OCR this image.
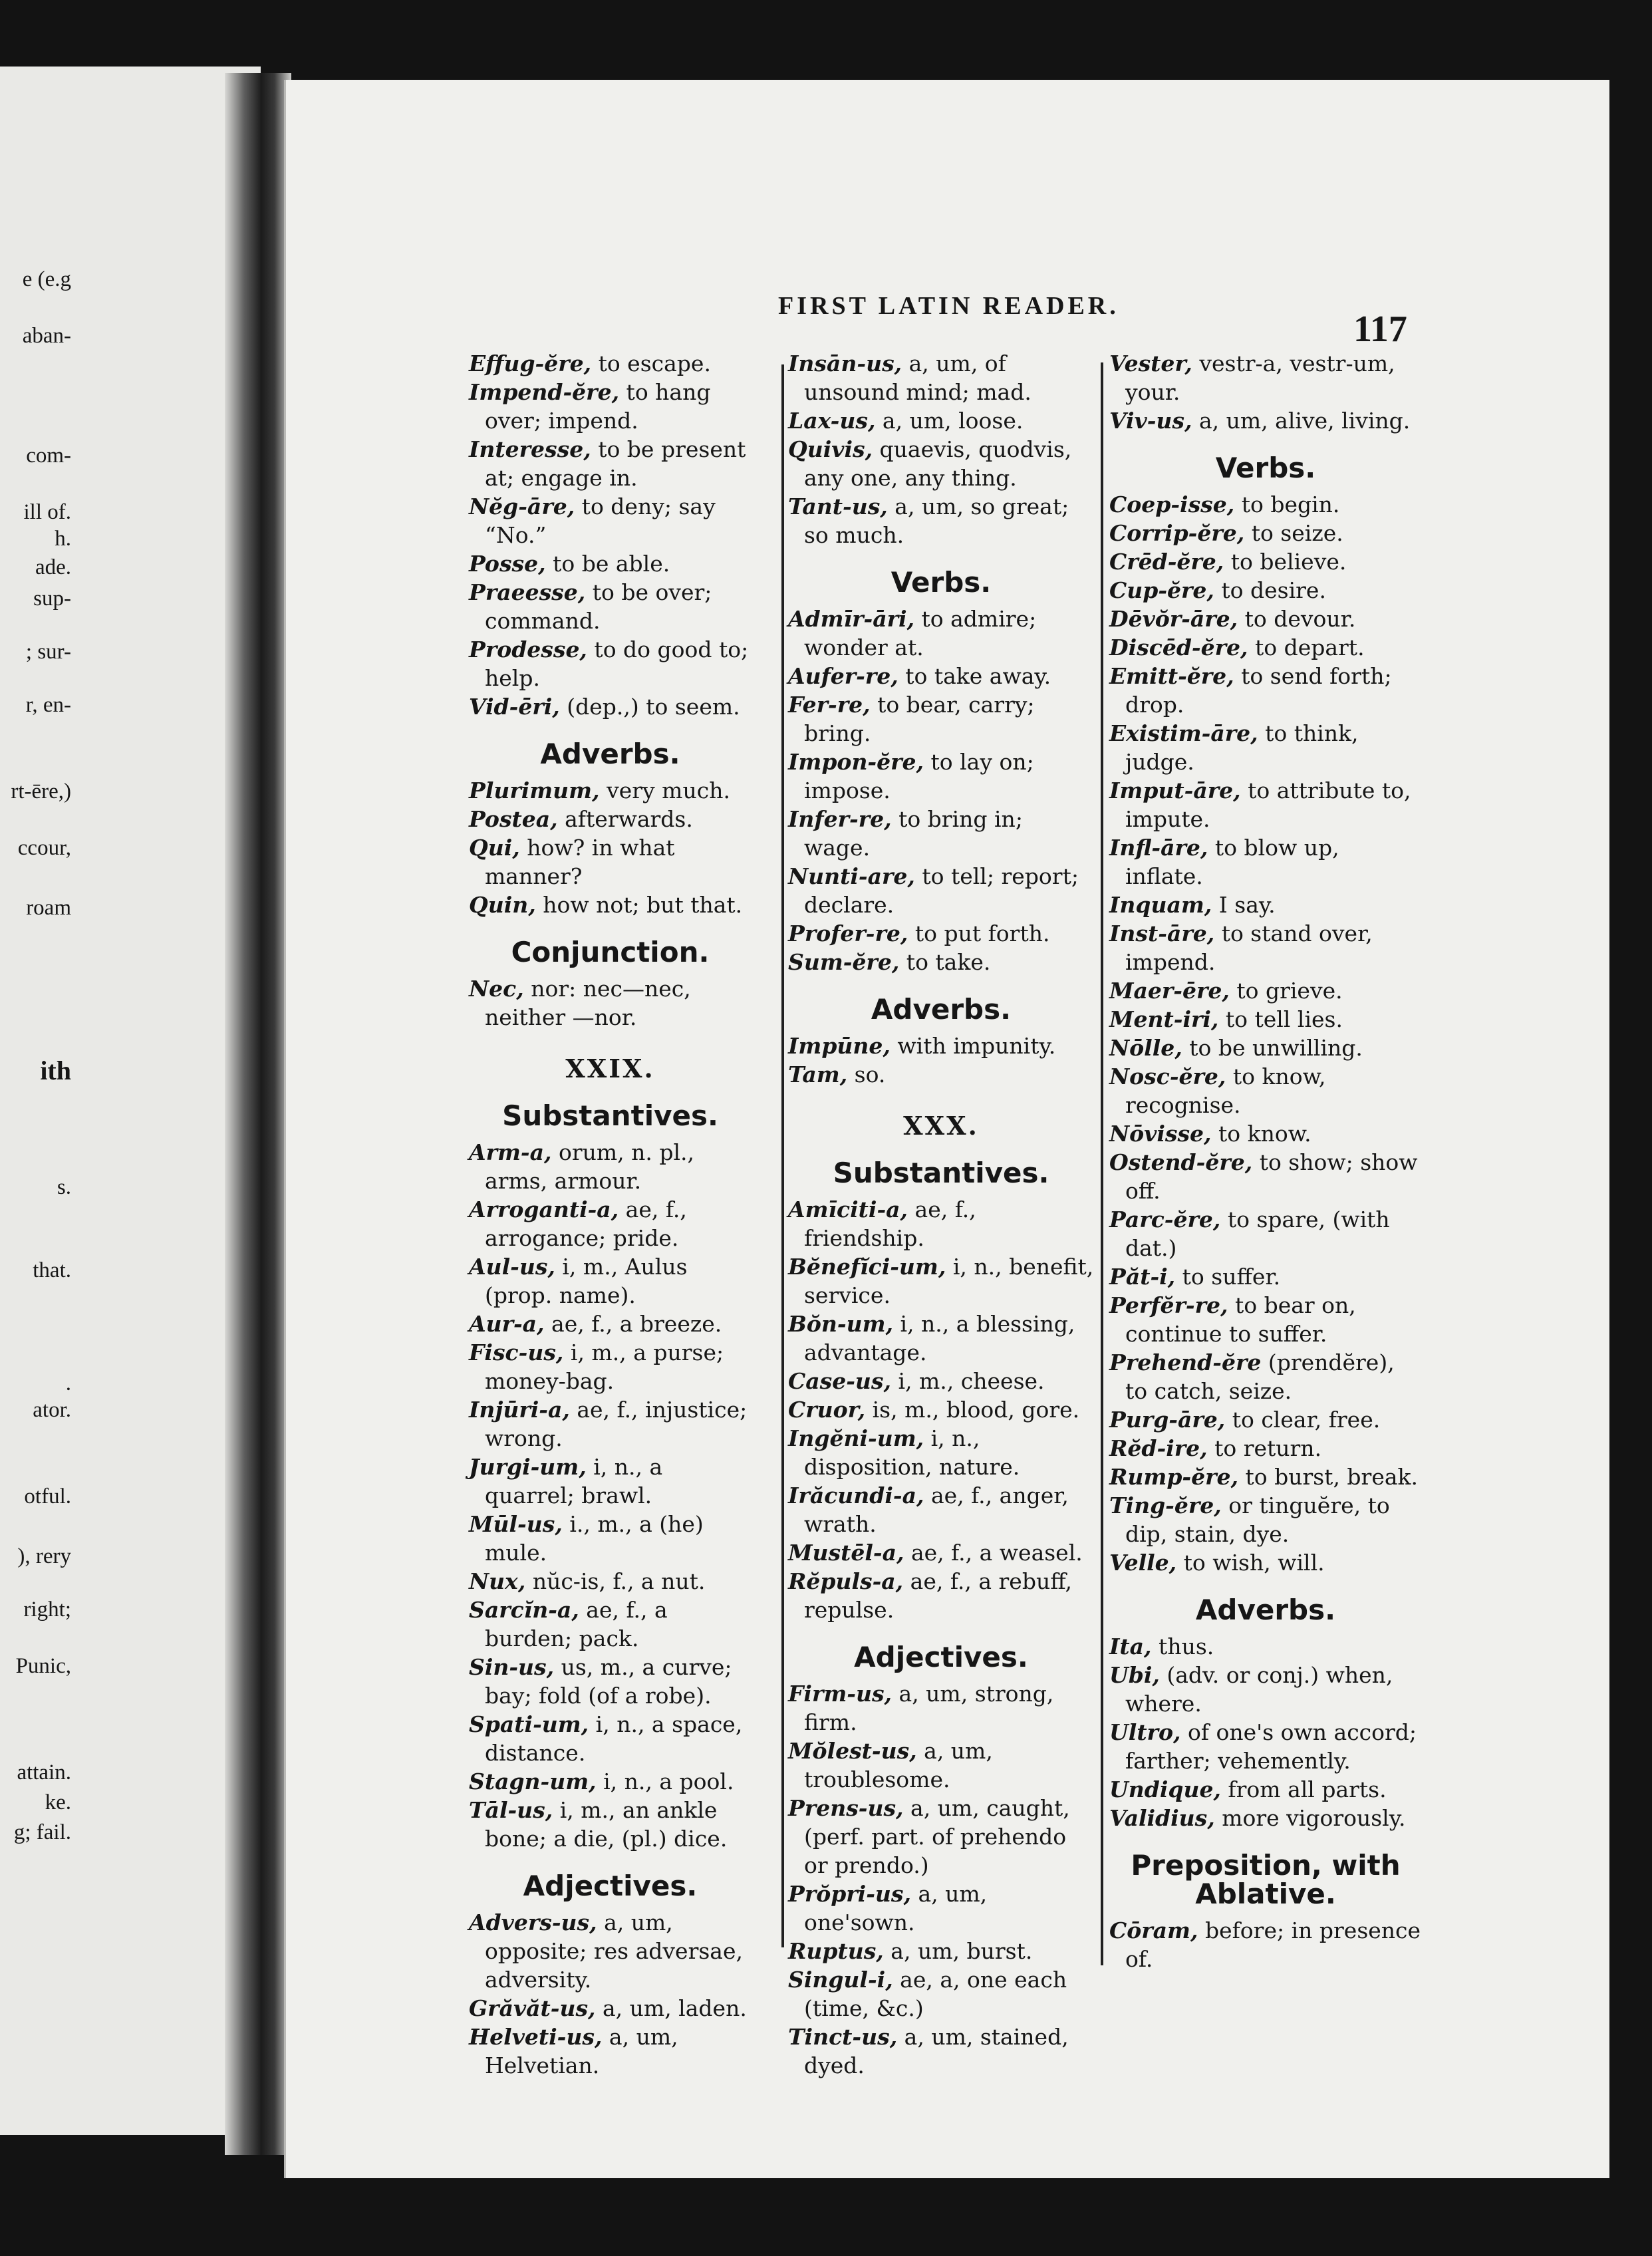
e (e.g
aban-
com-
ill of.
h.
ade.
sup-
; sur-
r, en-
rt-ēre,)
ccour,
roam
ith
s.
that.
.
ator.
otful.
), rery
right;
Punic,
attain.
ke.
g; fail.
FIRST LATIN READER.
117

Effug-ĕre, to escape.

Impend-ĕre, to hang over; impend.

Interesse, to be present at; engage in.

Nĕg-āre, to deny; say “No.”

Posse, to be able.

Praeesse, to be over; command.

Prodesse, to do good to; help.

Vid-ēri, (dep.,) to seem.

Adverbs.

Plurimum, very much.

Postea, afterwards.

Qui, how? in what manner?

Quin, how not; but that.

Conjunction.

Nec, nor: nec—nec, neither —nor.

XXIX.
Substantives.

Arm-a, orum, n. pl., arms, armour.

Arroganti-a, ae, f., arrogance; pride.

Aul-us, i, m., Aulus (prop. name).

Aur-a, ae, f., a breeze.

Fisc-us, i, m., a purse; money-bag.

Injūri-a, ae, f., injustice; wrong.

Jurgi-um, i, n., a quarrel; brawl.

Mūl-us, i., m., a (he) mule.

Nux, nŭc-is, f., a nut.

Sarcĭn-a, ae, f., a burden; pack.

Sin-us, us, m., a curve; bay; fold (of a robe).

Spati-um, i, n., a space, distance.

Stagn-um, i, n., a pool.

Tāl-us, i, m., an ankle bone; a die, (pl.) dice.

Adjectives.

Advers-us, a, um, opposite; res adversae, adversity.

Grăvăt-us, a, um, laden.

Helveti-us, a, um, Helvetian.

Insān-us, a, um, of unsound mind; mad.

Lax-us, a, um, loose.

Quivis, quaevis, quodvis, any one, any thing.

Tant-us, a, um, so great; so much.

Verbs.

Admīr-āri, to admire; wonder at.

Aufer-re, to take away.

Fer-re, to bear, carry; bring.

Impon-ĕre, to lay on; impose.

Infer-re, to bring in; wage.

Nunti-are, to tell; report; declare.

Profer-re, to put forth.

Sum-ĕre, to take.

Adverbs.

Impūne, with impunity.

Tam, so.

XXX.
Substantives.

Amīciti-a, ae, f., friendship.

Bĕnefĭci-um, i, n., benefit, service.

Bŏn-um, i, n., a blessing, advantage.

Case-us, i, m., cheese.

Cruor, is, m., blood, gore.

Ingĕni-um, i, n., disposition, nature.

Irăcundi-a, ae, f., anger, wrath.

Mustēl-a, ae, f., a weasel.

Rĕpuls-a, ae, f., a rebuff, repulse.

Adjectives.

Firm-us, a, um, strong, firm.

Mŏlest-us, a, um, troublesome.

Prens-us, a, um, caught, (perf. part. of prehendo or prendo.)

Prŏpri-us, a, um, one'sown.

Ruptus, a, um, burst.

Singul-i, ae, a, one each (time, &c.)

Tinct-us, a, um, stained, dyed.

Vester, vestr-a, vestr-um, your.

Viv-us, a, um, alive, living.

Verbs.

Coep-isse, to begin.

Corrip-ĕre, to seize.

Crēd-ĕre, to believe.

Cup-ĕre, to desire.

Dēvŏr-āre, to devour.

Discēd-ĕre, to depart.

Emitt-ĕre, to send forth; drop.

Existim-āre, to think, judge.

Imput-āre, to attribute to, impute.

Infl-āre, to blow up, inflate.

Inquam, I say.

Inst-āre, to stand over, impend.

Maer-ēre, to grieve.

Ment-iri, to tell lies.

Nōlle, to be unwilling.

Nosc-ĕre, to know, recognise.

Nōvisse, to know.

Ostend-ĕre, to show; show off.

Parc-ĕre, to spare, (with dat.)

Păt-i, to suffer.

Perfĕr-re, to bear on, continue to suffer.

Prehend-ĕre (prendĕre), to catch, seize.

Purg-āre, to clear, free.

Rĕd-ire, to return.

Rump-ĕre, to burst, break.

Ting-ĕre, or tinguĕre, to dip, stain, dye.

Velle, to wish, will.

Adverbs.

Ita, thus.

Ubi, (adv. or conj.) when, where.

Ultro, of one's own accord; farther; vehemently.

Undique, from all parts.

Validius, more vigorously.

Preposition, with Ablative.

Cōram, before; in presence of.
